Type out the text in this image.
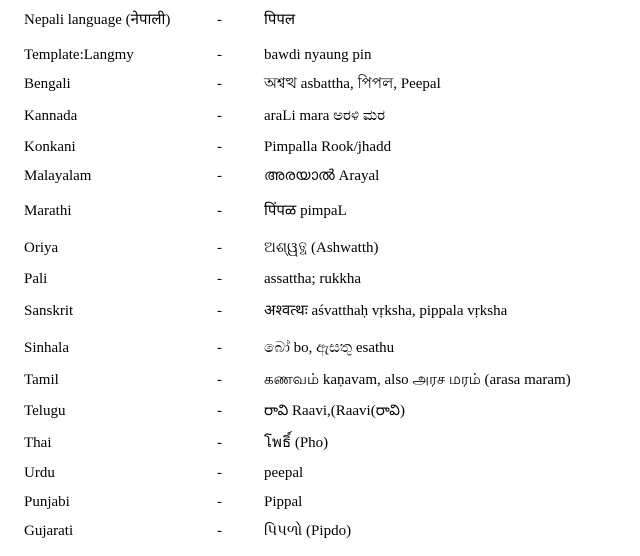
Nepali language (नेपाली)	-	पिपल
Template:Langmy	-	bawdi nyaung pin
Bengali	-	অশ্বত্থ asbattha, পিপল, Peepal
Kannada	-	araLi mara ಅರಳಿ ಮರ
Konkani	-	Pimpalla Rook/jhadd
Malayalam	-	അരയാൽ Arayal
Marathi	-	पिंपळ pimpaL
Oriya	-	ଅଶ୍ୱତ୍ଥ (Ashwatth)
Pali	-	assattha; rukkha
Sanskrit	-	अश्वत्थः aśvatthaḥ vṛksha, pippala vṛksha
Sinhala	-	බෝ bo, ඇසතු esathu
Tamil	-	கணவம் kaṇavam, also அரச மரம் (arasa maram)
Telugu	-	రావి Raavi,(Raavi(రావి)
Thai	-	โพธิ์ (Pho)
Urdu	-	peepal
Punjabi	-	Pippal
Gujarati	-	પિપળો (Pipdo)
